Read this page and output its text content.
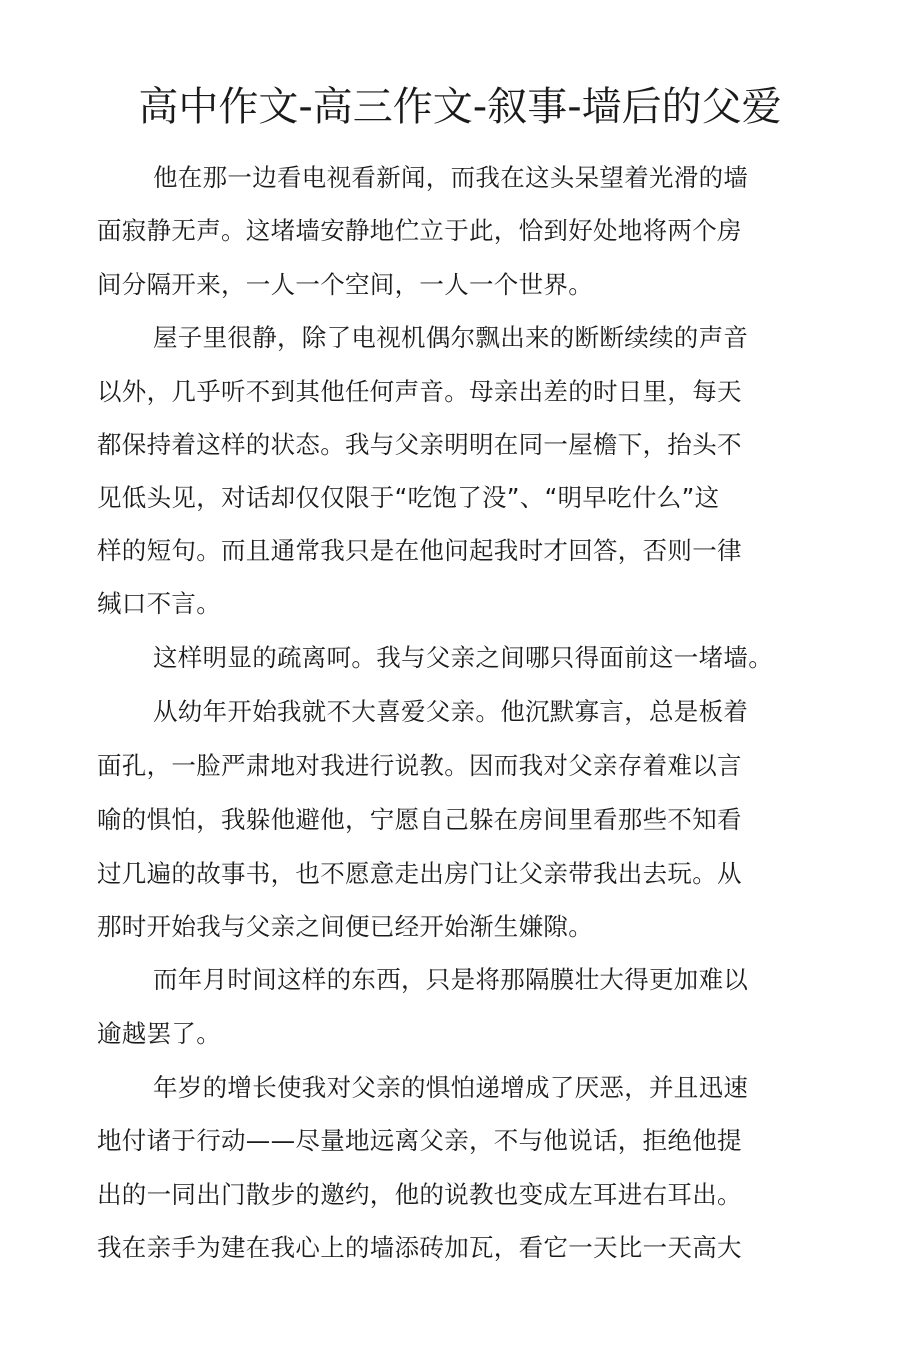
高中作文-高三作文-叙事-墙后的父爱
他在那一边看电视看新闻，而我在这头呆望着光滑的墙
面寂静无声。这堵墙安静地伫立于此，恰到好处地将两个房
间分隔开来，一人一个空间，一人一个世界。
屋子里很静，除了电视机偶尔飘出来的断断续续的声音
以外，几乎听不到其他任何声音。母亲出差的时日里，每天
都保持着这样的状态。我与父亲明明在同一屋檐下，抬头不
见低头见，对话却仅仅限于“吃饱了没”、“明早吃什么”这
样的短句。而且通常我只是在他问起我时才回答，否则一律
缄口不言。
这样明显的疏离呵。我与父亲之间哪只得面前这一堵墙。
从幼年开始我就不大喜爱父亲。他沉默寡言，总是板着
面孔，一脸严肃地对我进行说教。因而我对父亲存着难以言
喻的惧怕，我躲他避他，宁愿自己躲在房间里看那些不知看
过几遍的故事书，也不愿意走出房门让父亲带我出去玩。从
那时开始我与父亲之间便已经开始渐生嫌隙。
而年月时间这样的东西，只是将那隔膜壮大得更加难以
逾越罢了。
年岁的增长使我对父亲的惧怕递增成了厌恶，并且迅速
地付诸于行动——尽量地远离父亲，不与他说话，拒绝他提
出的一同出门散步的邀约，他的说教也变成左耳进右耳出。
我在亲手为建在我心上的墙添砖加瓦，看它一天比一天高大
